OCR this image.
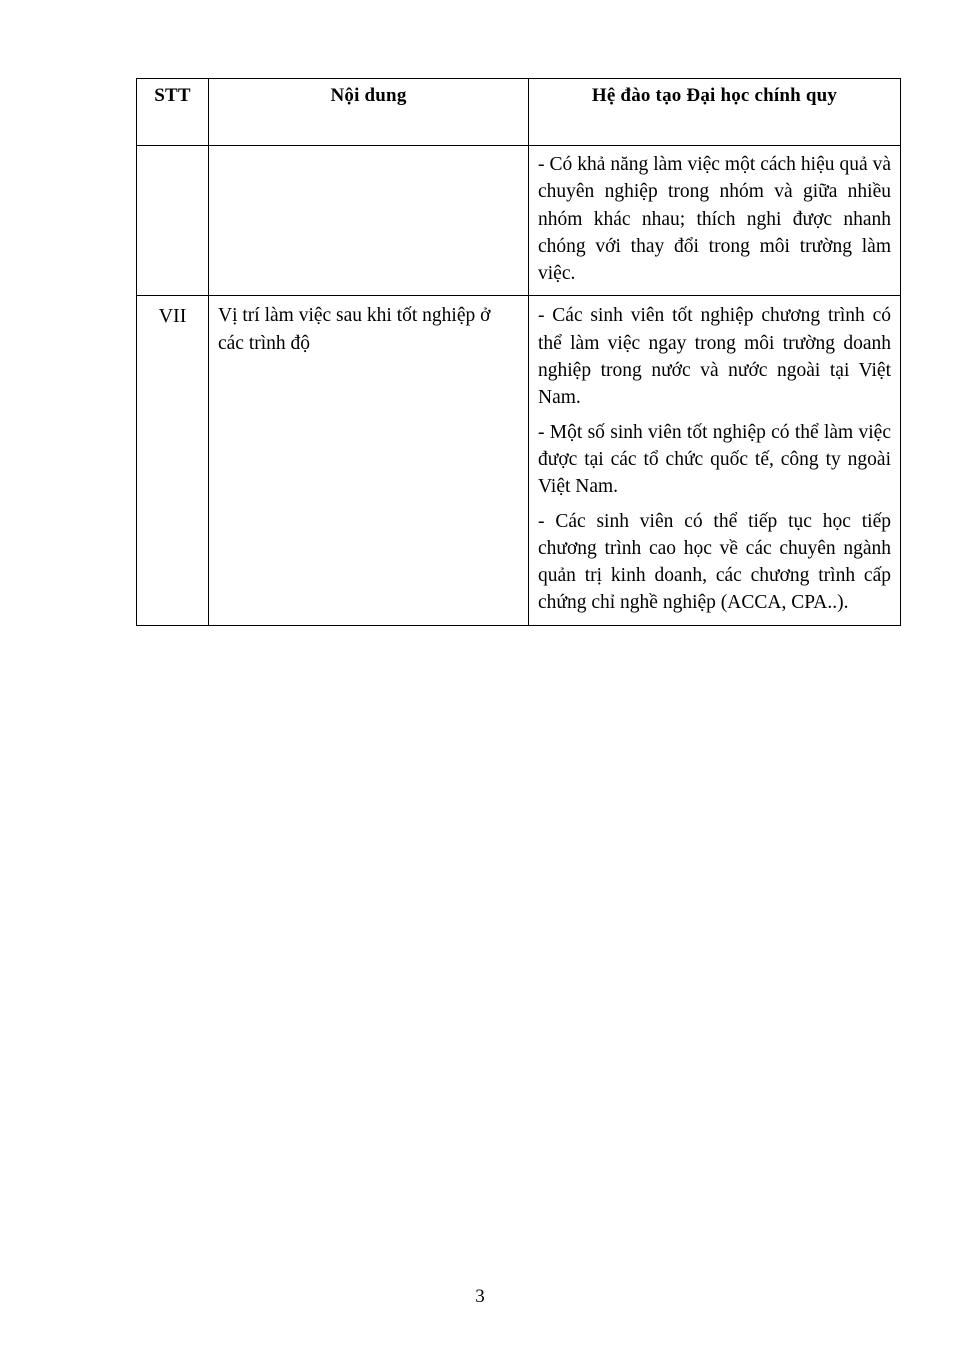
STT	Nội dung	Hệ đào tạo Đại học chính quy

		- Có khả năng làm việc một cách hiệu quả và chuyên nghiệp trong nhóm và giữa nhiều nhóm khác nhau; thích nghi được nhanh chóng với thay đổi trong môi trường làm việc.

VII	Vị trí làm việc sau khi tốt nghiệp ở các trình độ	- Các sinh viên tốt nghiệp chương trình có thể làm việc ngay trong môi trường doanh nghiệp trong nước và nước ngoài tại Việt Nam.

- Một số sinh viên tốt nghiệp có thể làm việc được tại các tổ chức quốc tế, công ty ngoài Việt Nam.

- Các sinh viên có thể tiếp tục học tiếp chương trình cao học về các chuyên ngành quản trị kinh doanh, các chương trình cấp chứng chỉ nghề nghiệp (ACCA, CPA..).

3
